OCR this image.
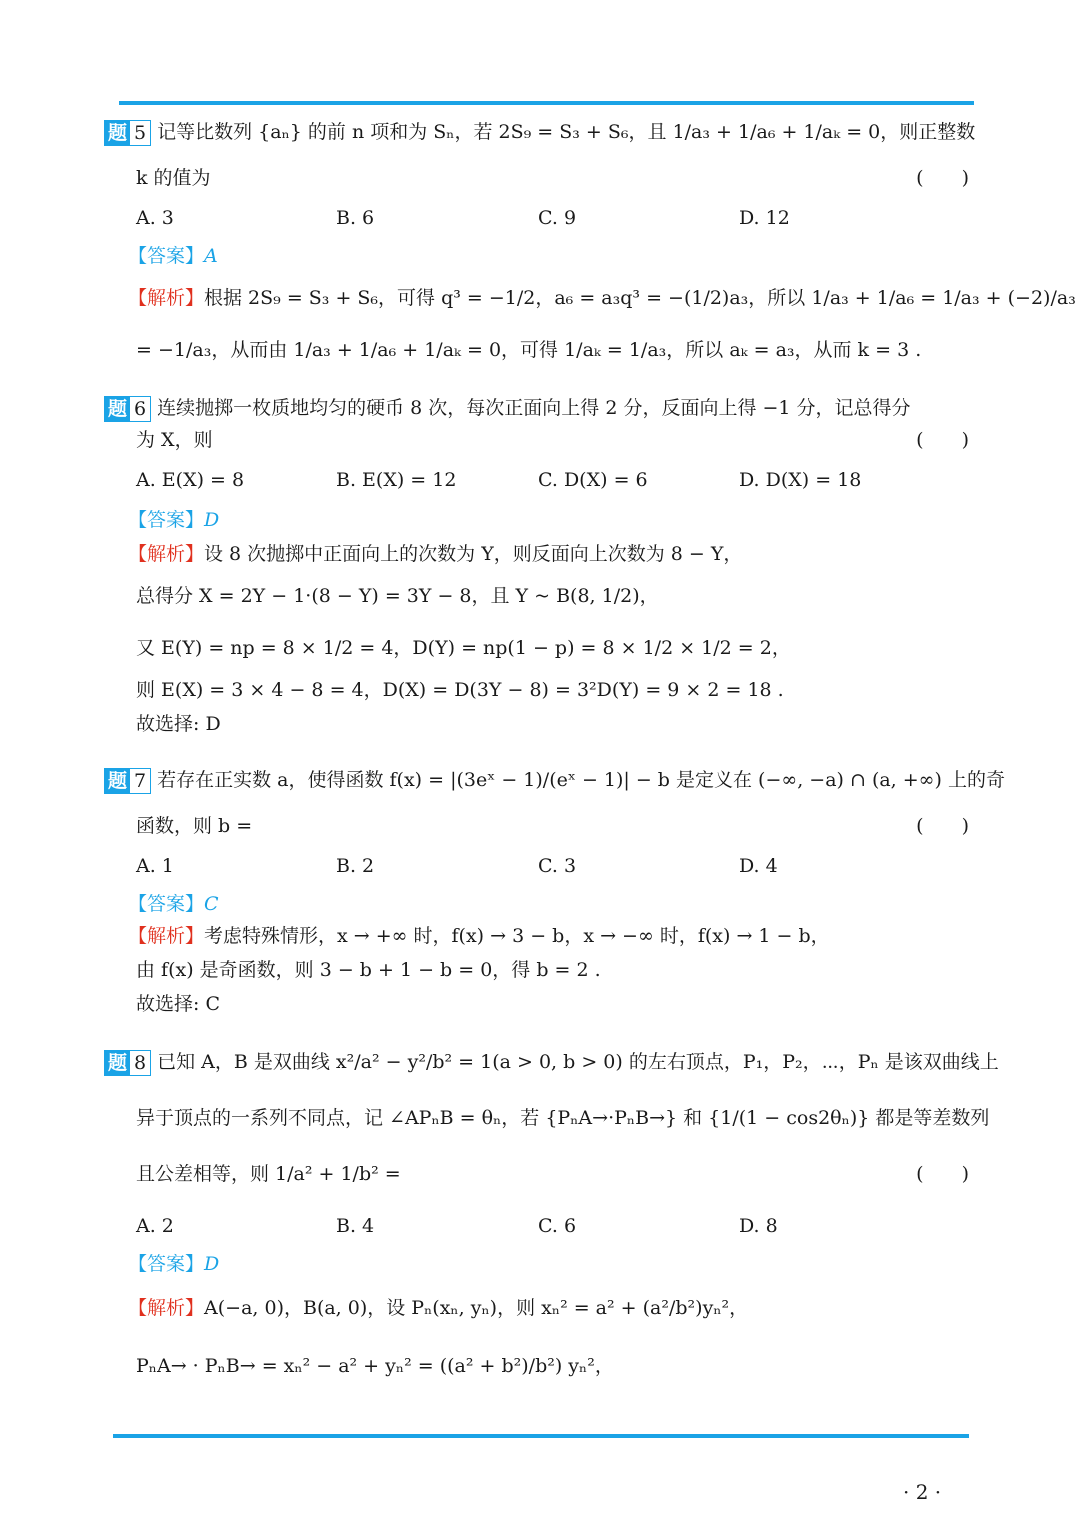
题 5 记等比数列 {aₙ} 的前 n 项和为 Sₙ，若 2S₉ = S₃ + S₆，且 1/a₃ + 1/a₆ + 1/aₖ = 0，则正整数
k 的值为	(　　)
A. 3	B. 6	C. 9	D. 12
【答案】A
【解析】根据 2S₉ = S₃ + S₆，可得 q³ = −1/2，a₆ = a₃q³ = −(1/2)a₃，所以 1/a₃ + 1/a₆ = 1/a₃ + (−2)/a₃
= −1/a₃，从而由 1/a₃ + 1/a₆ + 1/aₖ = 0，可得 1/aₖ = 1/a₃，所以 aₖ = a₃，从而 k = 3 .
题 6 连续抛掷一枚质地均匀的硬币 8 次，每次正面向上得 2 分，反面向上得 −1 分，记总得分
为 X，则	(　　)
A. E(X) = 8	B. E(X) = 12	C. D(X) = 6	D. D(X) = 18
【答案】D
【解析】设 8 次抛掷中正面向上的次数为 Y，则反面向上次数为 8 − Y，
总得分 X = 2Y − 1·(8 − Y) = 3Y − 8，且 Y ~ B(8, 1/2)，
又 E(Y) = np = 8 × 1/2 = 4，D(Y) = np(1 − p) = 8 × 1/2 × 1/2 = 2，
则 E(X) = 3 × 4 − 8 = 4，D(X) = D(3Y − 8) = 3²D(Y) = 9 × 2 = 18 .
故选择: D
题 7 若存在正实数 a，使得函数 f(x) = |(3eˣ − 1)/(eˣ − 1)| − b 是定义在 (−∞, −a) ∩ (a, +∞) 上的奇
函数，则 b =	(　　)
A. 1	B. 2	C. 3	D. 4
【答案】C
【解析】考虑特殊情形，x → +∞ 时，f(x) → 3 − b，x → −∞ 时，f(x) → 1 − b，
由 f(x) 是奇函数，则 3 − b + 1 − b = 0，得 b = 2 .
故选择: C
题 8 已知 A，B 是双曲线 x²/a² − y²/b² = 1(a > 0, b > 0) 的左右顶点，P₁，P₂，⋯，Pₙ 是该双曲线上
异于顶点的一系列不同点，记 ∠APₙB = θₙ，若 {PₙA→·PₙB→} 和 {1/(1 − cos2θₙ)} 都是等差数列
且公差相等，则 1/a² + 1/b² =	(　　)
A. 2	B. 4	C. 6	D. 8
【答案】D
【解析】A(−a, 0)，B(a, 0)，设 Pₙ(xₙ, yₙ)，则 xₙ² = a² + (a²/b²)yₙ²，
PₙA→ · PₙB→ = xₙ² − a² + yₙ² = ((a² + b²)/b²) yₙ²，
· 2 ·
